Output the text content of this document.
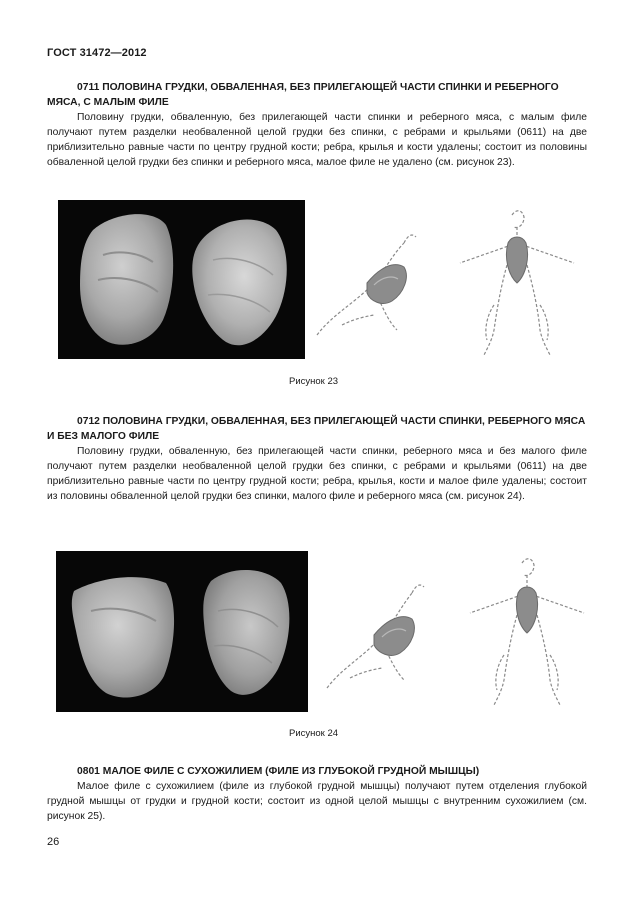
ГОСТ 31472—2012
0711 ПОЛОВИНА ГРУДКИ, ОБВАЛЕННАЯ, БЕЗ ПРИЛЕГАЮЩЕЙ ЧАСТИ СПИНКИ И РЕБЕРНОГО МЯСА, С МАЛЫМ ФИЛЕ
Половину грудки, обваленную, без прилегающей части спинки и реберного мяса, с малым филе получают путем разделки необваленной целой грудки без спинки, с ребрами и крыльями (0611) на две приблизительно равные части по центру грудной кости; ребра, крылья и кости удалены; состоит из половины обваленной целой грудки без спинки и реберного мяса, малое филе не удалено (см. рисунок 23).
Рисунок 23
0712 ПОЛОВИНА ГРУДКИ, ОБВАЛЕННАЯ, БЕЗ ПРИЛЕГАЮЩЕЙ ЧАСТИ СПИНКИ, РЕБЕРНОГО МЯСА И БЕЗ МАЛОГО ФИЛЕ
Половину грудки, обваленную, без прилегающей части спинки, реберного мяса и без малого филе получают путем разделки необваленной целой грудки без спинки, с ребрами и крыльями (0611) на две приблизительно равные части по центру грудной кости; ребра, крылья, кости и малое филе удалены; состоит из половины обваленной целой грудки без спинки, малого филе и реберного мяса (см. рисунок 24).
Рисунок 24
0801 МАЛОЕ ФИЛЕ С СУХОЖИЛИЕМ (ФИЛЕ ИЗ ГЛУБОКОЙ ГРУДНОЙ МЫШЦЫ)
Малое филе с сухожилием (филе из глубокой грудной мышцы) получают путем отделения глубокой грудной мышцы от грудки и грудной кости; состоит из одной целой мышцы с внутренним сухожилием (см. рисунок 25).
26
